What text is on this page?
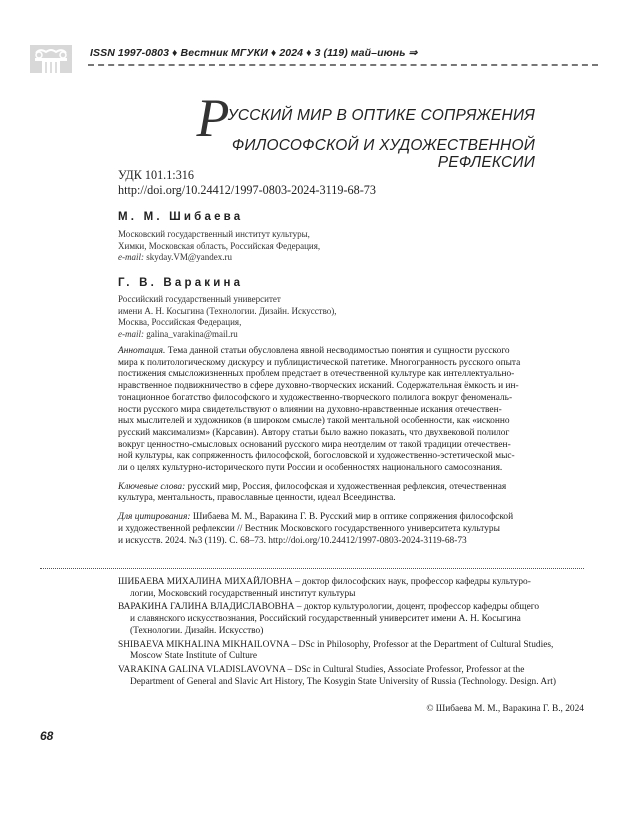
ISSN 1997-0803 ♦ Вестник МГУКИ ♦ 2024 ♦ 3 (119) май–июнь ⇒
РУССКИЙ МИР В ОПТИКЕ СОПРЯЖЕНИЯ
ФИЛОСОФСКОЙ И ХУДОЖЕСТВЕННОЙ
РЕФЛЕКСИИ
УДК 101.1:316
http://doi.org/10.24412/1997-0803-2024-3119-68-73
М. М. Шибаева
Московский государственный институт культуры,
Химки, Московская область, Российская Федерация,
e-mail: skyday.VM@yandex.ru
Г. В. Варакина
Российский государственный университет
имени А. Н. Косыгина (Технологии. Дизайн. Искусство),
Москва, Российская Федерация,
e-mail: galina_varakina@mail.ru

Аннотация. Тема данной статьи обусловлена явной несводимостью понятия и сущности русского
мира к политологическому дискурсу и публицистической патетике. Многогранность русского опыта
постижения смысложизненных проблем предстает в отечественной культуре как интеллектуально-
нравственное подвижничество в сфере духовно-творческих исканий. Содержательная ёмкость и ин-
тонационное богатство философского и художественно-творческого полилога вокруг феноменаль-
ности русского мира свидетельствуют о влиянии на духовно-нравственные искания отечествен-
ных мыслителей и художников (в широком смысле) такой ментальной особенности, как «исконно
русский максимализм» (Карсавин). Автору статьи было важно показать, что двухвековой полилог
вокруг ценностно-смысловых оснований русского мира неотделим от такой традиции отечествен-
ной культуры, как сопряженность философской, богословской и художественно-эстетической мыс-
ли о целях культурно-исторического пути России и особенностях национального самосознания.

Ключевые слова: русский мир, Россия, философская и художественная рефлексия, отечественная
культура, ментальность, православные ценности, идеал Всеединства.

Для цитирования: Шибаева М. М., Варакина Г. В. Русский мир в оптике сопряжения философской
и художественной рефлексии // Вестник Московского государственного университета культуры
и искусств. 2024. №3 (119). С. 68–73. http://doi.org/10.24412/1997-0803-2024-3119-68-73

ШИБАЕВА МИХАЛИНА МИХАЙЛОВНА – доктор философских наук, профессор кафедры культуро-
логии, Московский государственный институт культуры
ВАРАКИНА ГАЛИНА ВЛАДИСЛАВОВНА – доктор культурологии, доцент, профессор кафедры общего
и славянского искусствознания, Российский государственный университет имени А. Н. Косыгина
(Технологии. Дизайн. Искусство)
SHIBAEVA MIKHALINA MIKHAILOVNA – DSc in Philosophy, Professor at the Department of Cultural Studies,
Moscow State Institute of Culture
VARAKINA GALINA VLADISLAVOVNA – DSc in Cultural Studies, Associate Professor, Professor at the
Department of General and Slavic Art History, The Kosygin State University of Russia (Technology. Design. Art)
© Шибаева М. М., Варакина Г. В., 2024
68
